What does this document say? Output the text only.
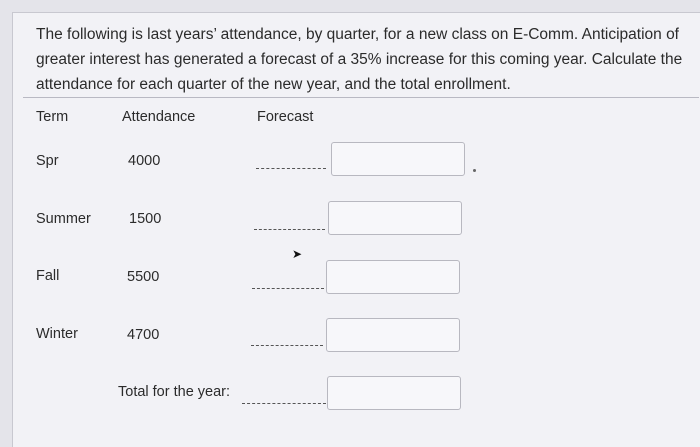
The following is last years’ attendance, by quarter, for a new class on E-Comm. Anticipation of greater interest has generated a forecast of a 35% increase for this coming year. Calculate the attendance for each quarter of the new year, and the total enrollment.
Term	Attendance	Forecast
Spr	4000
Summer	1500
➤
Fall	5500
Winter	4700
Total for the year:
